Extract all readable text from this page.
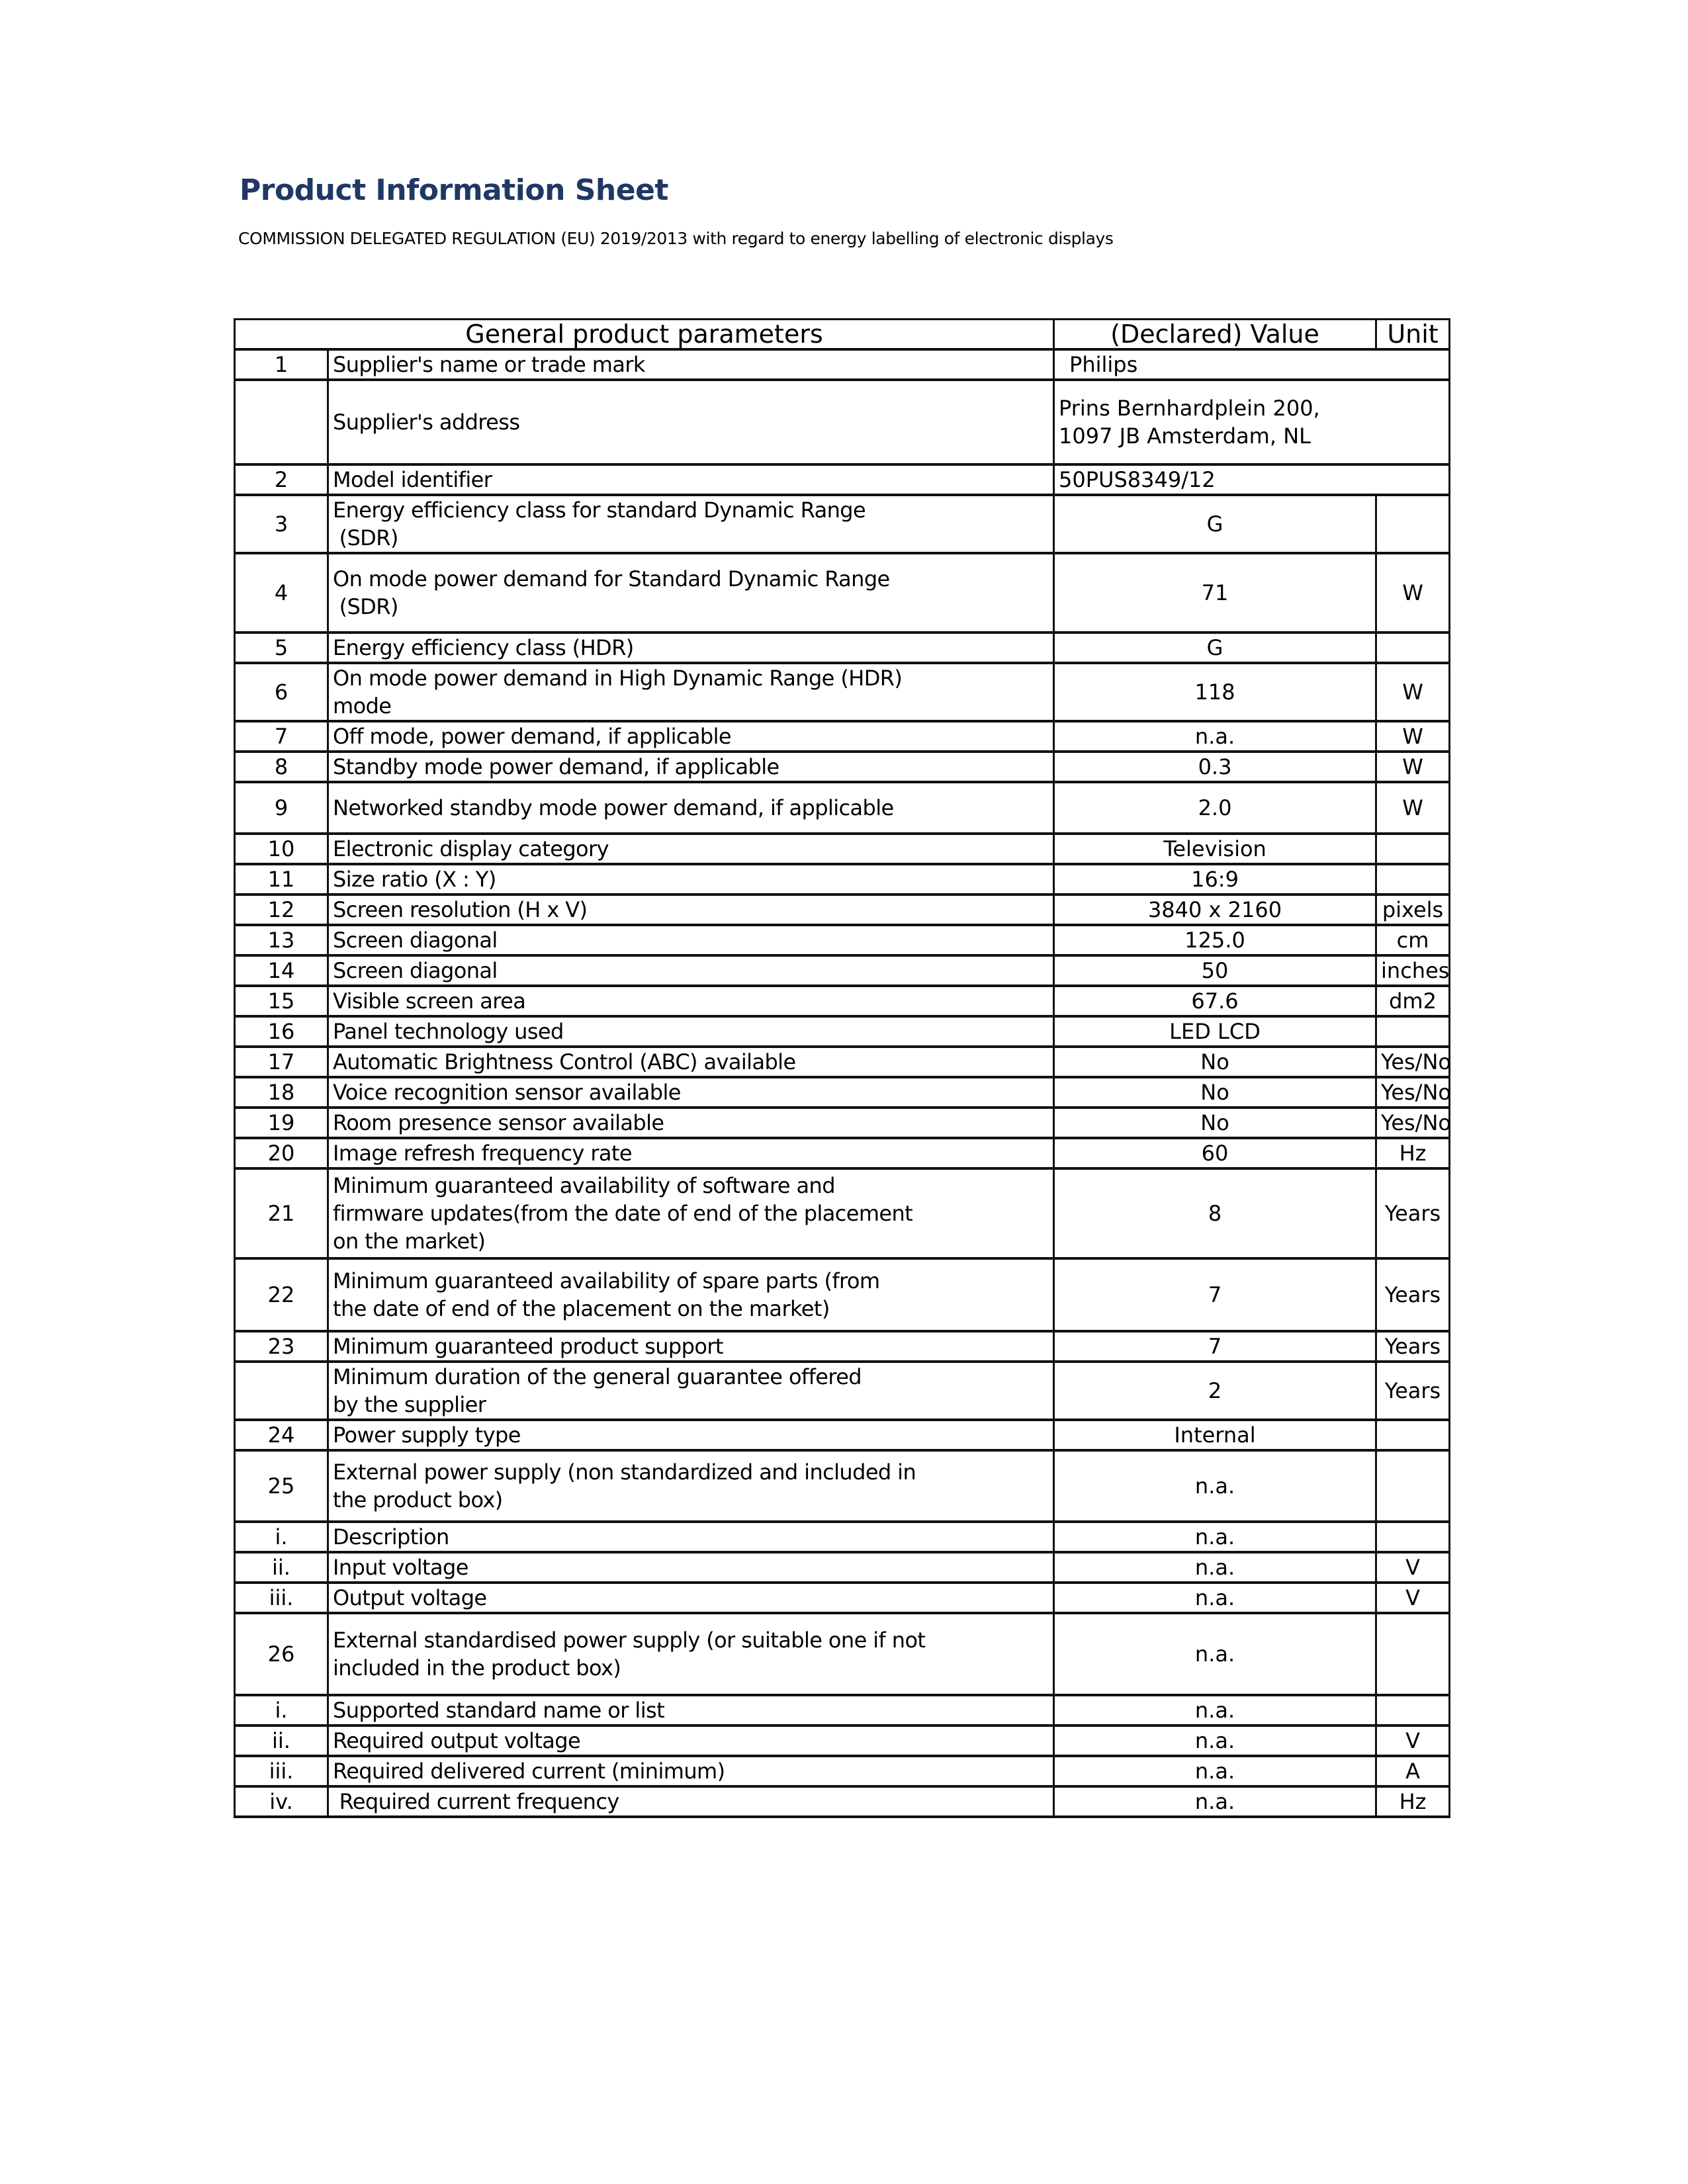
Product Information Sheet
COMMISSION DELEGATED REGULATION (EU) 2019/2013 with regard to energy labelling of electronic displays
General product parameters		(Declared) Value	Unit
1	Supplier's name or trade mark	Philips	
	Supplier's address	Prins Bernhardplein 200,
1097 JB Amsterdam, NL	

2	Model identifier	50PUS8349/12	
3	Energy efficiency class for standard Dynamic Range
(SDR)	G	
4	On mode power demand for Standard Dynamic Range
(SDR)	71	W
5	Energy efficiency class (HDR)	G	
6	On mode power demand in High Dynamic Range (HDR)
mode	118	W
7	Off mode, power demand, if applicable	n.a.	W
8	Standby mode power demand, if applicable	0.3	W
9	Networked standby mode power demand, if applicable	2.0	W
10	Electronic display category	Television	
11	Size ratio (X : Y)	16:9	
12	Screen resolution (H x V)	3840 x 2160	pixels
13	Screen diagonal	125.0	cm
14	Screen diagonal	50	inches
15	Visible screen area	67.6	dm2
16	Panel technology used	LED LCD	
17	Automatic Brightness Control (ABC) available	No	Yes/No
18	Voice recognition sensor available	No	Yes/No
19	Room presence sensor available	No	Yes/No
20	Image refresh frequency rate	60	Hz
21	Minimum guaranteed availability of software and
firmware updates(from the date of end of the placement
on the market)	8	Years
22	Minimum guaranteed availability of spare parts (from
the date of end of the placement on the market)	7	Years
23	Minimum guaranteed product support	7	Years

	Minimum duration of the general guarantee offered
by the supplier	2	Years
24	Power supply type	Internal	
25	External power supply (non standardized and included in
the product box)	n.a.	
i.	Description	n.a.	
ii.	Input voltage	n.a.	V
iii.	Output voltage	n.a.	V
26	External standardised power supply (or suitable one if not
included in the product box)	n.a.	
i.	Supported standard name or list	n.a.	
ii.	Required output voltage	n.a.	V
iii.	Required delivered current (minimum)	n.a.	A
iv.	Required current frequency	n.a.	Hz
